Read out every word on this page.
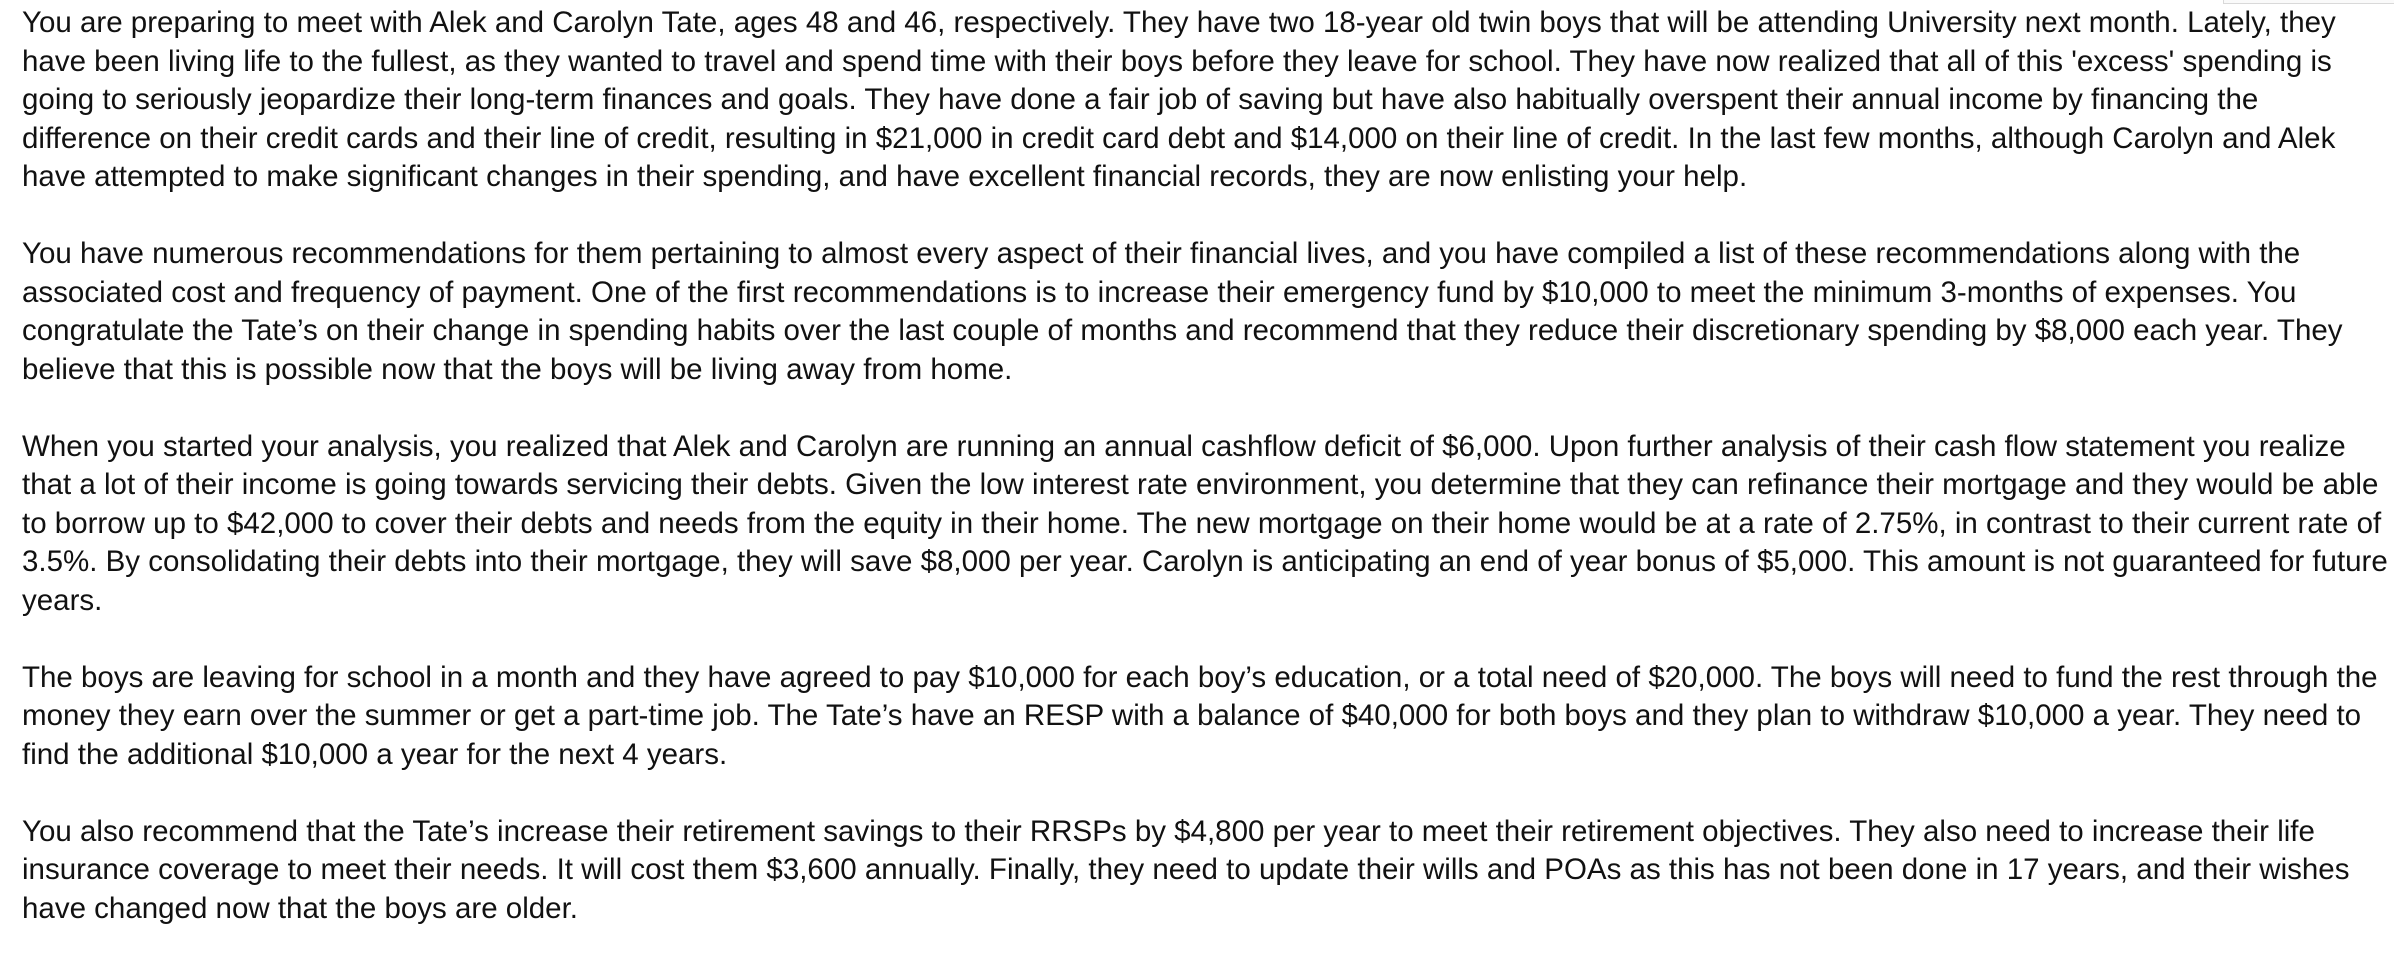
You are preparing to meet with Alek and Carolyn Tate, ages 48 and 46, respectively. They have two 18-year old twin boys that will be attending University next month. Lately, they have been living life to the fullest, as they wanted to travel and spend time with their boys before they leave for school. They have now realized that all of this 'excess' spending is going to seriously jeopardize their long-term finances and goals. They have done a fair job of saving but have also habitually overspent their annual income by financing the difference on their credit cards and their line of credit, resulting in $21,000 in credit card debt and $14,000 on their line of credit. In the last few months, although Carolyn and Alek have attempted to make significant changes in their spending, and have excellent financial records, they are now enlisting your help.

You have numerous recommendations for them pertaining to almost every aspect of their financial lives, and you have compiled a list of these recommendations along with the associated cost and frequency of payment. One of the first recommendations is to increase their emergency fund by $10,000 to meet the minimum 3-months of expenses. You congratulate the Tate’s on their change in spending habits over the last couple of months and recommend that they reduce their discretionary spending by $8,000 each year. They believe that this is possible now that the boys will be living away from home.

When you started your analysis, you realized that Alek and Carolyn are running an annual cashflow deficit of $6,000. Upon further analysis of their cash flow statement you realize that a lot of their income is going towards servicing their debts. Given the low interest rate environment, you determine that they can refinance their mortgage and they would be able to borrow up to $42,000 to cover their debts and needs from the equity in their home. The new mortgage on their home would be at a rate of 2.75%, in contrast to their current rate of 3.5%. By consolidating their debts into their mortgage, they will save $8,000 per year. Carolyn is anticipating an end of year bonus of $5,000. This amount is not guaranteed for future years.

The boys are leaving for school in a month and they have agreed to pay $10,000 for each boy’s education, or a total need of $20,000. The boys will need to fund the rest through the money they earn over the summer or get a part-time job. The Tate’s have an RESP with a balance of $40,000 for both boys and they plan to withdraw $10,000 a year. They need to find the additional $10,000 a year for the next 4 years.

You also recommend that the Tate’s increase their retirement savings to their RRSPs by $4,800 per year to meet their retirement objectives. They also need to increase their life insurance coverage to meet their needs. It will cost them $3,600 annually. Finally, they need to update their wills and POAs as this has not been done in 17 years, and their wishes have changed now that the boys are older.
